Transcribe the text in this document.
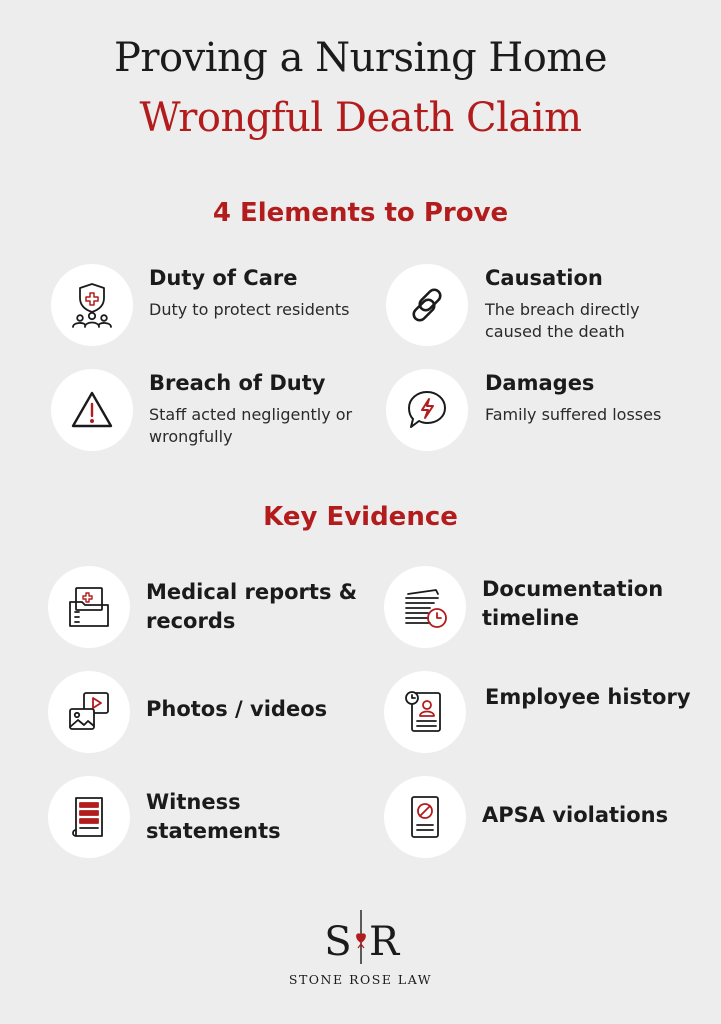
Proving a Nursing Home
Wrongful Death Claim
4 Elements to Prove
Duty of Care
Duty to protect residents
Causation
The breach directly caused the death
Breach of Duty
Staff acted negligently or wrongfully
Damages
Family suffered losses
Key Evidence
Medical reports & records
Documentation timeline
Photos / videos	Employee history
Witness statements
APSA violations
S R
STONE ROSE LAW
